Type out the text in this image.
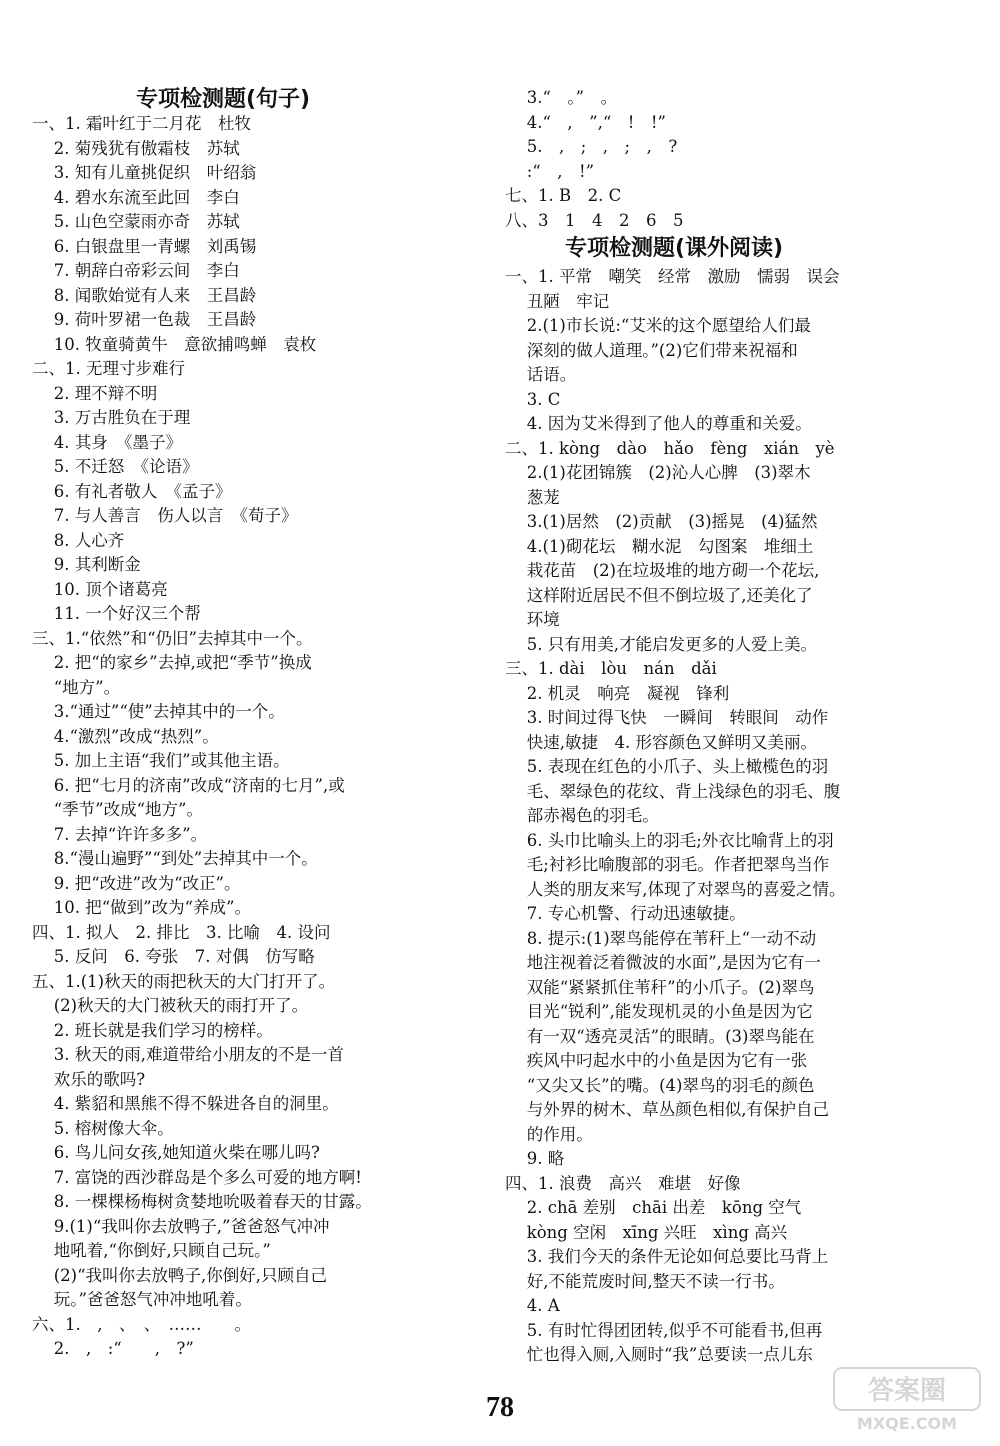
专项检测题(句子)
一、1. 霜叶红于二月花　杜牧
　 2. 菊残犹有傲霜枝　苏轼
　 3. 知有儿童挑促织　叶绍翁
　 4. 碧水东流至此回　李白
　 5. 山色空蒙雨亦奇　苏轼
　 6. 白银盘里一青螺　刘禹锡
　 7. 朝辞白帝彩云间　李白
　 8. 闻歌始觉有人来　王昌龄
　 9. 荷叶罗裙一色裁　王昌龄
　 10. 牧童骑黄牛　意欲捕鸣蝉　袁枚
二、1. 无理寸步难行
　 2. 理不辩不明
　 3. 万古胜负在于理
　 4. 其身　《墨子》
　 5. 不迁怒　《论语》
　 6. 有礼者敬人　《孟子》
　 7. 与人善言　伤人以言　《荀子》
　 8. 人心齐
　 9. 其利断金
　 10. 顶个诸葛亮
　 11. 一个好汉三个帮
三、1.“依然”和“仍旧”去掉其中一个。
　 2. 把“的家乡”去掉,或把“季节”换成
　 “地方”。
　 3.“通过”“使”去掉其中的一个。
　 4.“激烈”改成“热烈”。
　 5. 加上主语“我们”或其他主语。
　 6. 把“七月的济南”改成“济南的七月”,或
　 “季节”改成“地方”。
　 7. 去掉“许许多多”。
　 8.“漫山遍野”“到处”去掉其中一个。
　 9. 把“改进”改为“改正”。
　 10. 把“做到”改为“养成”。
四、1. 拟人　2. 排比　3. 比喻　4. 设问
　 5. 反问　6. 夸张　7. 对偶　仿写略
五、1.(1)秋天的雨把秋天的大门打开了。
　 (2)秋天的大门被秋天的雨打开了。
　 2. 班长就是我们学习的榜样。
　 3. 秋天的雨,难道带给小朋友的不是一首
　 欢乐的歌吗?
　 4. 紫貂和黑熊不得不躲进各自的洞里。
　 5. 榕树像大伞。
　 6. 鸟儿问女孩,她知道火柴在哪儿吗?
　 7. 富饶的西沙群岛是个多么可爱的地方啊!
　 8. 一棵棵杨梅树贪婪地吮吸着春天的甘露。
　 9.(1)“我叫你去放鸭子,”爸爸怒气冲冲
　 地吼着,“你倒好,只顾自己玩。”
　 (2)“我叫你去放鸭子,你倒好,只顾自己
　 玩。”爸爸怒气冲冲地吼着。
六、1.　,　、　、　……　　。
　 2.　,　:“　　,　?”
　 3.“　。”　。
　 4.“　,　”,“　!　!”
　 5.　,　;　,　;　,　?
　 :“　,　!”
七、1. B　2. C
八、3　1　4　2　6　5
专项检测题(课外阅读)
一、1. 平常　嘲笑　经常　激励　懦弱　误会
　 丑陋　牢记
　 2.(1)市长说:“艾米的这个愿望给人们最
　 深刻的做人道理。”(2)它们带来祝福和
　 话语。
　 3. C
　 4. 因为艾米得到了他人的尊重和关爱。
二、1. kòng　dào　hǎo　fèng　xián　yè
　 2.(1)花团锦簇　(2)沁人心脾　(3)翠木
　 葱茏
　 3.(1)居然　(2)贡献　(3)摇晃　(4)猛然
　 4.(1)砌花坛　糊水泥　勾图案　堆细土
　 栽花苗　(2)在垃圾堆的地方砌一个花坛,
　 这样附近居民不但不倒垃圾了,还美化了
　 环境
　 5. 只有用美,才能启发更多的人爱上美。
三、1. dài　lòu　nán　dǎi
　 2. 机灵　响亮　凝视　锋利
　 3. 时间过得飞快　一瞬间　转眼间　动作
　 快速,敏捷　4. 形容颜色又鲜明又美丽。
　 5. 表现在红色的小爪子、头上橄榄色的羽
　 毛、翠绿色的花纹、背上浅绿色的羽毛、腹
　 部赤褐色的羽毛。
　 6. 头巾比喻头上的羽毛;外衣比喻背上的羽
　 毛;衬衫比喻腹部的羽毛。作者把翠鸟当作
　 人类的朋友来写,体现了对翠鸟的喜爱之情。
　 7. 专心机警、行动迅速敏捷。
　 8. 提示:(1)翠鸟能停在苇秆上“一动不动
　 地注视着泛着微波的水面”,是因为它有一
　 双能“紧紧抓住苇秆”的小爪子。(2)翠鸟
　 目光“锐利”,能发现机灵的小鱼是因为它
　 有一双“透亮灵活”的眼睛。(3)翠鸟能在
　 疾风中叼起水中的小鱼是因为它有一张
　 “又尖又长”的嘴。(4)翠鸟的羽毛的颜色
　 与外界的树木、草丛颜色相似,有保护自己
　 的作用。
　 9. 略
四、1. 浪费　高兴　难堪　好像
　 2. chā 差别　chāi 出差　kōng 空气
　 kòng 空闲　xīng 兴旺　xìng 高兴
　 3. 我们今天的条件无论如何总要比马背上
　 好,不能荒废时间,整天不读一行书。
　 4. A
　 5. 有时忙得团团转,似乎不可能看书,但再
　 忙也得入厕,入厕时“我”总要读一点儿东
78
答案圈
MXQE.COM
